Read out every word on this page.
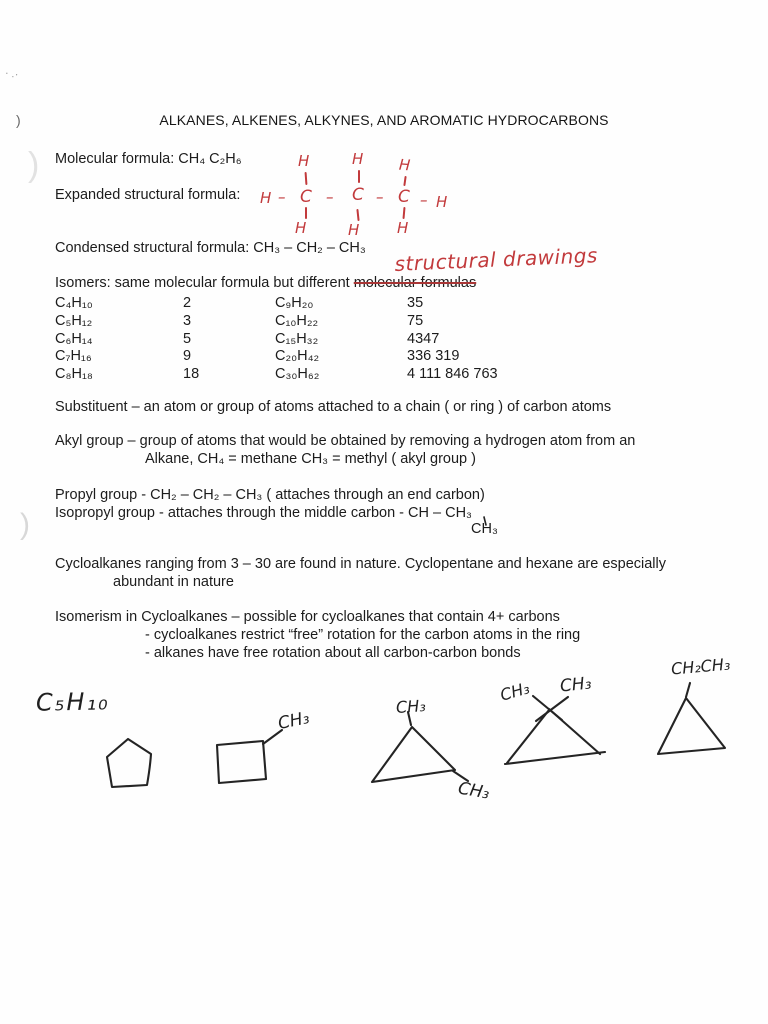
· .·
)
)
)
ALKANES, ALKENES, ALKYNES, AND AROMATIC HYDROCARBONS
Molecular formula: CH₄ C₂H₆
Expanded structural formula:
H	H H
H – C – C – C – H
H	H	H
Condensed structural formula: CH₃ – CH₂ – CH₃ structural drawings
Isomers: same molecular formula but different molecular formulas
C₄H₁₀	2	C₉H₂₀	35
C₅H₁₂	3	C₁₀H₂₂	75
C₆H₁₄	5	C₁₅H₃₂	4347
C₇H₁₆	9	C₂₀H₄₂	336 319
C₈H₁₈	18	C₃₀H₆₂	4 111 846 763
Substituent – an atom or group of atoms attached to a chain ( or ring ) of carbon atoms
Akyl group – group of atoms that would be obtained by removing a hydrogen atom from an
Alkane, CH₄ = methane CH₃ = methyl ( akyl group )
Propyl group - CH₂ – CH₂ – CH₃ ( attaches through an end carbon)
Isopropyl group - attaches through the middle carbon - CH – CH₃
CH₃
Cycloalkanes ranging from 3 – 30 are found in nature. Cyclopentane and hexane are especially
abundant in nature
Isomerism in Cycloalkanes – possible for cycloalkanes that contain 4+ carbons
- cycloalkanes restrict “free” rotation for the carbon atoms in the ring
- alkanes have free rotation about all carbon-carbon bonds
C₅H₁₀
CH₃
CH₃
CH₃
CH₃ CH₃
CH₂CH₃
